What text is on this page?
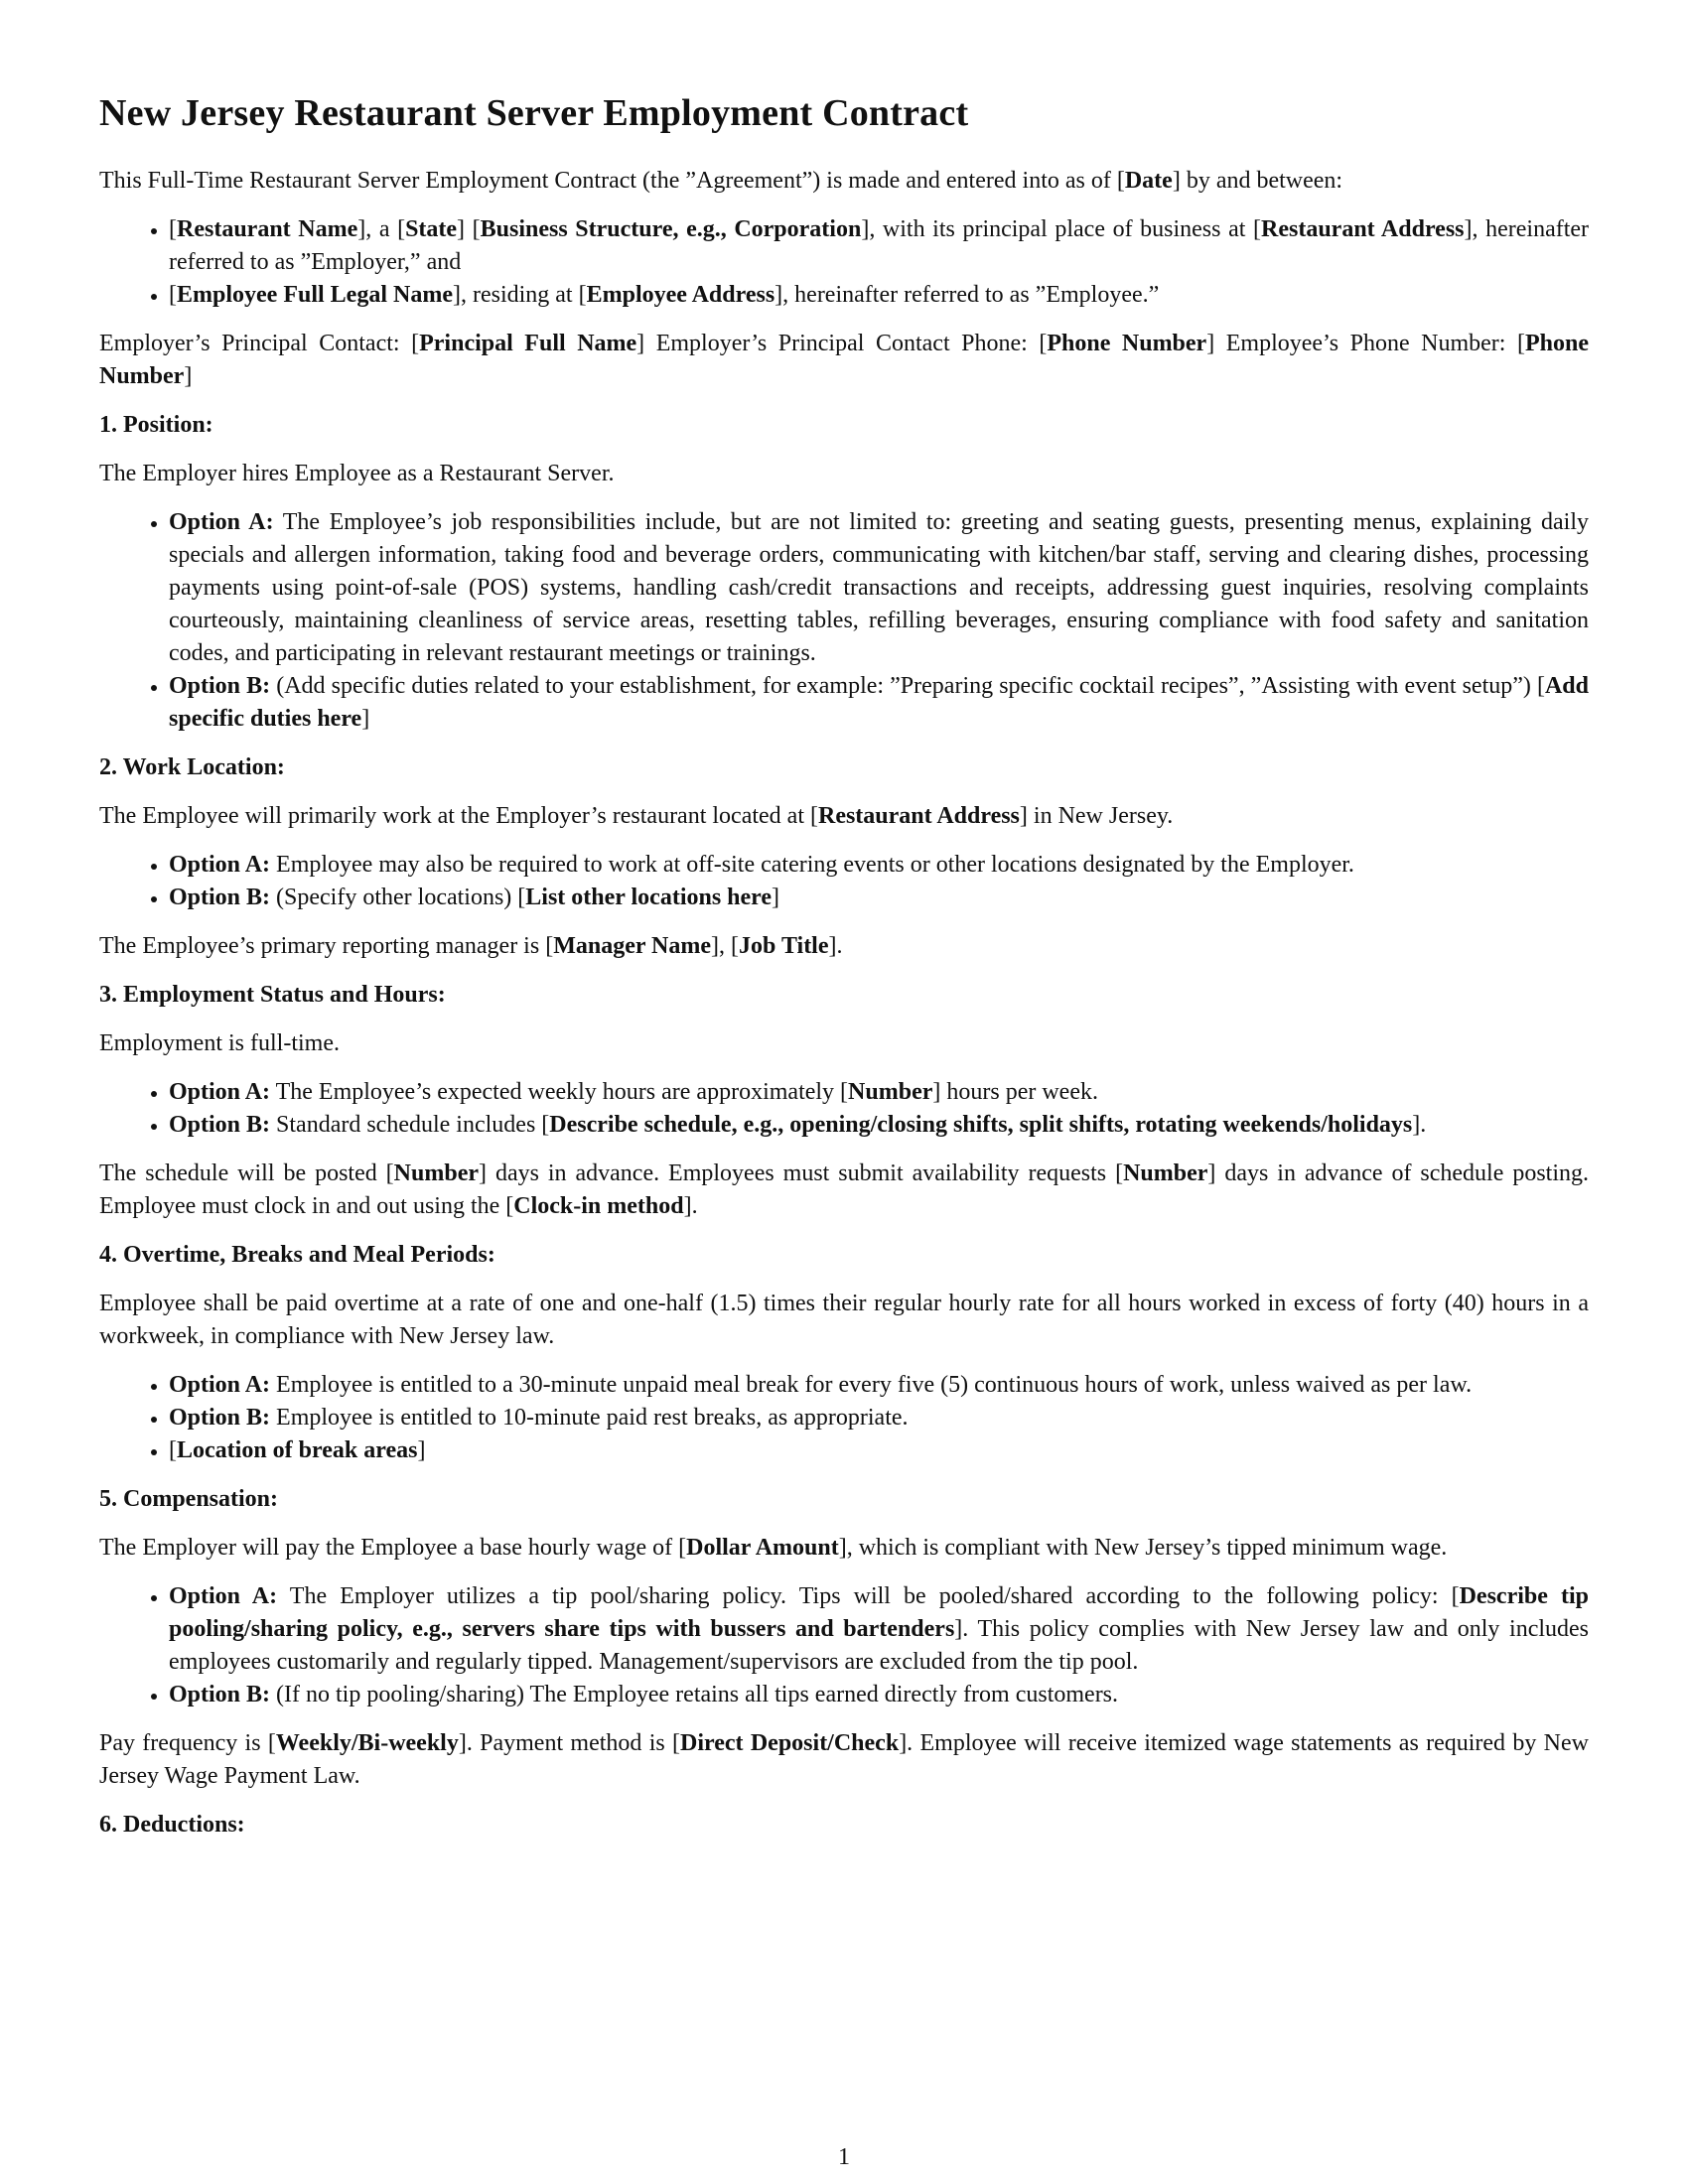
New Jersey Restaurant Server Employment Contract

This Full-Time Restaurant Server Employment Contract (the ”Agreement”) is made and entered into as of [Date] by and between:

• [Restaurant Name], a [State] [Business Structure, e.g., Corporation], with its principal place of business at [Restaurant Address], hereinafter referred to as ”Employer,” and
• [Employee Full Legal Name], residing at [Employee Address], hereinafter referred to as ”Employee.”

Employer’s Principal Contact: [Principal Full Name] Employer’s Principal Contact Phone: [Phone Number] Employee’s Phone Number: [Phone Number]

1. Position:

The Employer hires Employee as a Restaurant Server.

• Option A: The Employee’s job responsibilities include, but are not limited to: greeting and seating guests, presenting menus, explaining daily specials and allergen information, taking food and beverage orders, communicating with kitchen/bar staff, serving and clearing dishes, processing payments using point-of-sale (POS) systems, handling cash/credit transactions and receipts, addressing guest inquiries, resolving complaints courteously, maintaining cleanliness of service areas, resetting tables, refilling beverages, ensuring compliance with food safety and sanitation codes, and participating in relevant restaurant meetings or trainings.
• Option B: (Add specific duties related to your establishment, for example: ”Preparing specific cocktail recipes”, ”Assisting with event setup”) [Add specific duties here]
2. Work Location:

The Employee will primarily work at the Employer’s restaurant located at [Restaurant Address] in New Jersey.

• Option A: Employee may also be required to work at off-site catering events or other locations designated by the Employer.
• Option B: (Specify other locations) [List other locations here]

The Employee’s primary reporting manager is [Manager Name], [Job Title].

3. Employment Status and Hours:

Employment is full-time.

• Option A: The Employee’s expected weekly hours are approximately [Number] hours per week.
• Option B: Standard schedule includes [Describe schedule, e.g., opening/closing shifts, split shifts, rotating weekends/holidays].

The schedule will be posted [Number] days in advance. Employees must submit availability requests [Number] days in advance of schedule posting. Employee must clock in and out using the [Clock-in method].

4. Overtime, Breaks and Meal Periods:

Employee shall be paid overtime at a rate of one and one-half (1.5) times their regular hourly rate for all hours worked in excess of forty (40) hours in a workweek, in compliance with New Jersey law.

• Option A: Employee is entitled to a 30-minute unpaid meal break for every five (5) continuous hours of work, unless waived as per law.
• Option B: Employee is entitled to 10-minute paid rest breaks, as appropriate.
• [Location of break areas]
5. Compensation:

The Employer will pay the Employee a base hourly wage of [Dollar Amount], which is compliant with New Jersey’s tipped minimum wage.

• Option A: The Employer utilizes a tip pool/sharing policy. Tips will be pooled/shared according to the following policy: [Describe tip pooling/sharing policy, e.g., servers share tips with bussers and bartenders]. This policy complies with New Jersey law and only includes employees customarily and regularly tipped. Management/supervisors are excluded from the tip pool.
• Option B: (If no tip pooling/sharing) The Employee retains all tips earned directly from customers.

Pay frequency is [Weekly/Bi-weekly]. Payment method is [Direct Deposit/Check]. Employee will receive itemized wage statements as required by New Jersey Wage Payment Law.

6. Deductions:
1
